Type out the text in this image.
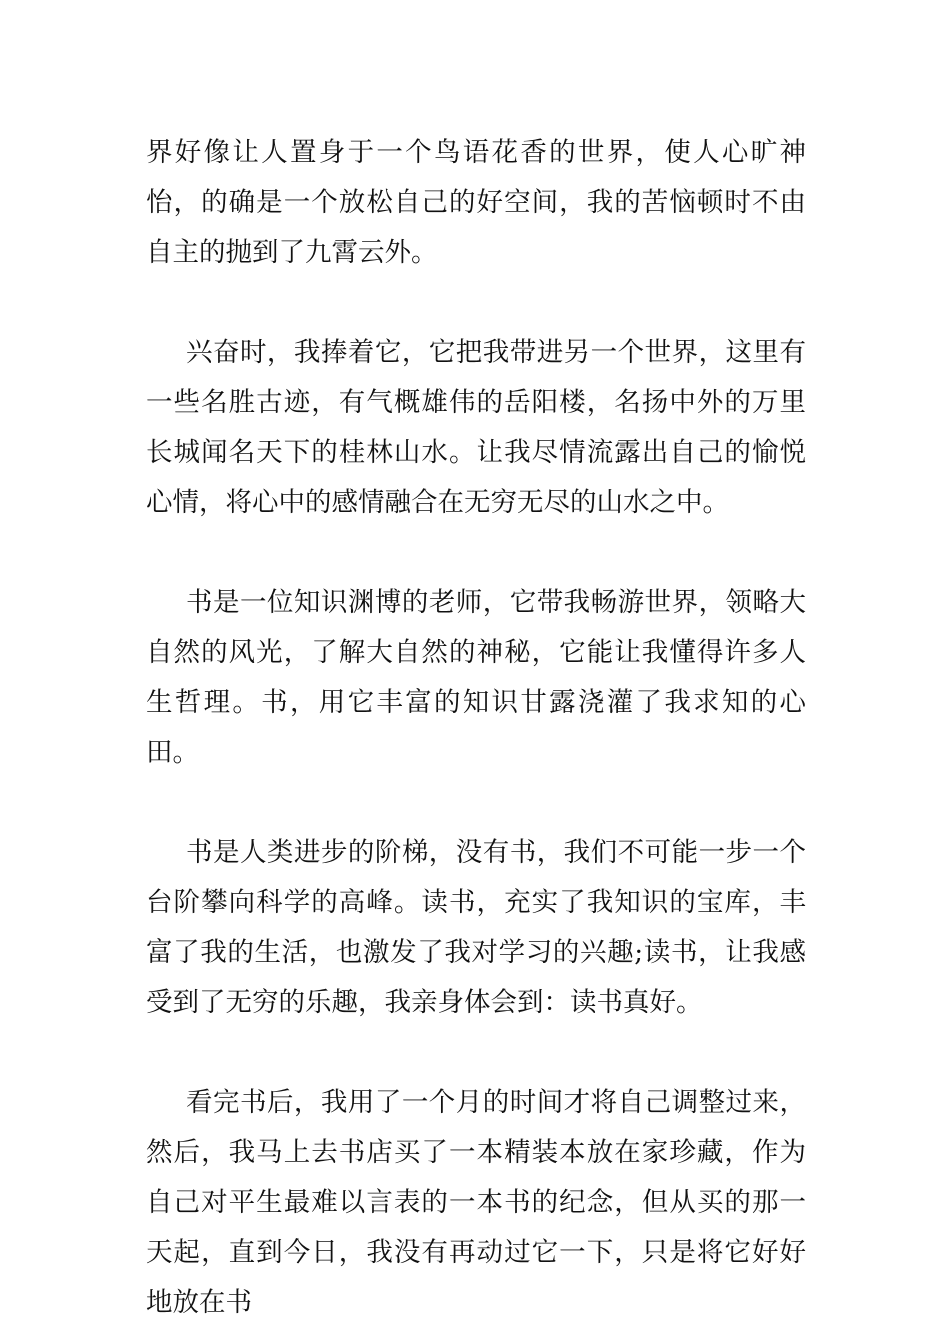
界好像让人置身于一个鸟语花香的世界，使人心旷神怡，的确是一个放松自己的好空间，我的苦恼顿时不由自主的抛到了九霄云外。

兴奋时，我捧着它，它把我带进另一个世界，这里有一些名胜古迹，有气概雄伟的岳阳楼，名扬中外的万里长城闻名天下的桂林山水。让我尽情流露出自己的愉悦心情，将心中的感情融合在无穷无尽的山水之中。

书是一位知识渊博的老师，它带我畅游世界，领略大自然的风光，了解大自然的神秘，它能让我懂得许多人生哲理。书，用它丰富的知识甘露浇灌了我求知的心田。

书是人类进步的阶梯，没有书，我们不可能一步一个台阶攀向科学的高峰。读书，充实了我知识的宝库，丰富了我的生活，也激发了我对学习的兴趣;读书，让我感受到了无穷的乐趣，我亲身体会到：读书真好。

看完书后，我用了一个月的时间才将自己调整过来，然后，我马上去书店买了一本精装本放在家珍藏，作为自己对平生最难以言表的一本书的纪念，但从买的那一天起，直到今日，我没有再动过它一下，只是将它好好地放在书
